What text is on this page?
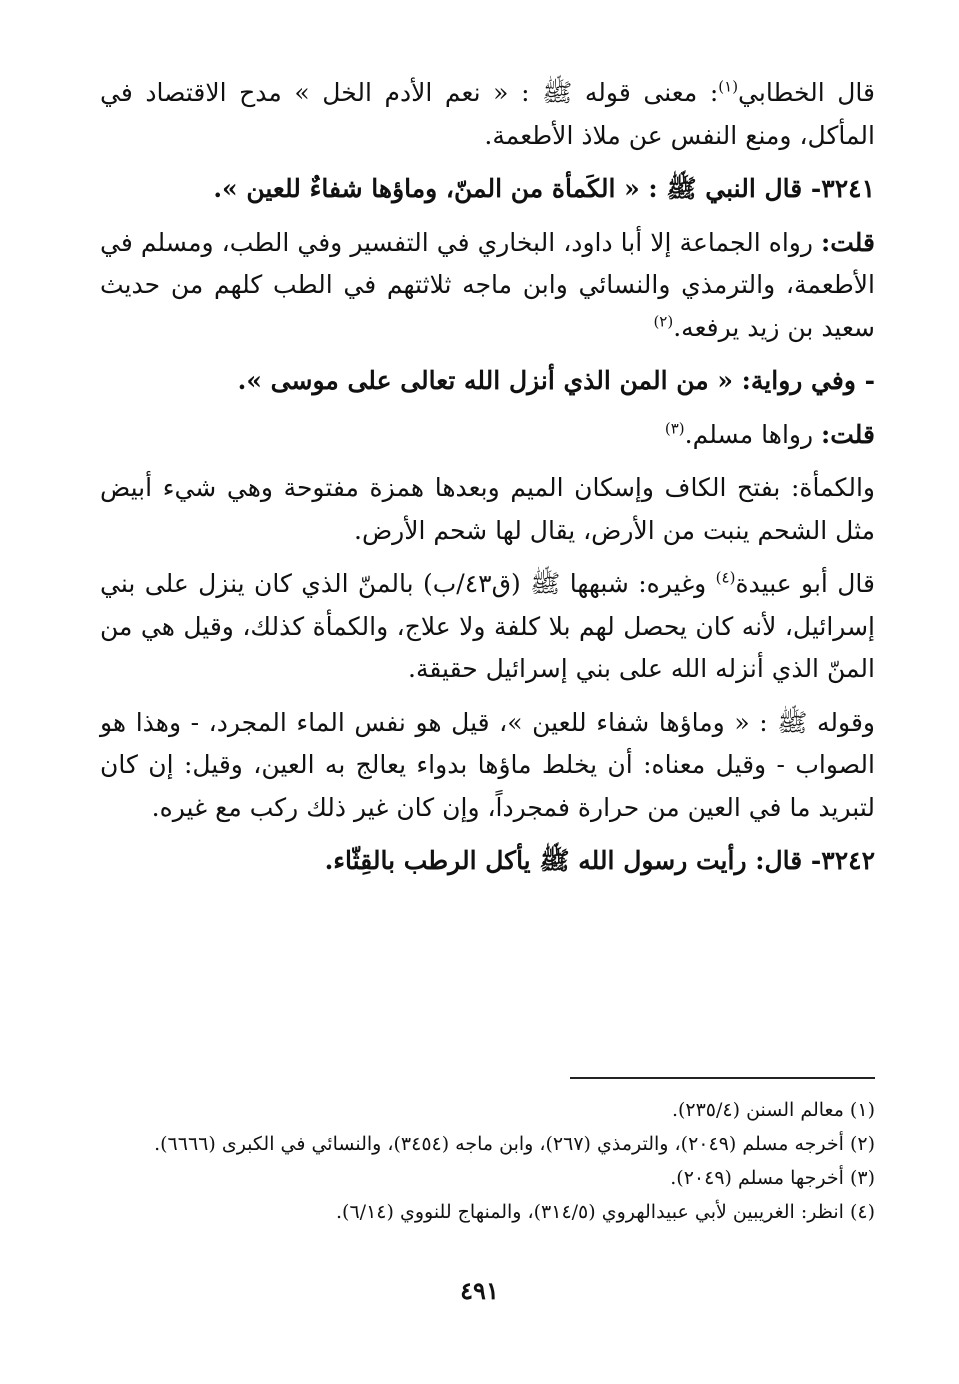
قال الخطابي$^{(١)}$: معنى قوله ﷺ : « نعم الأدم الخل » مدح الاقتصاد في المأكل، ومنع النفس عن ملاذ الأطعمة.

٣٢٤١- قال النبي ﷺ : « الكَمأة من المنّ، وماؤها شفاءٌ للعين ».

قلت: رواه الجماعة إلا أبا داود، البخاري في التفسير وفي الطب، ومسلم في الأطعمة، والترمذي والنسائي وابن ماجه ثلاثتهم في الطب كلهم من حديث سعيد بن زيد يرفعه.$^{(٢)}$

- وفي رواية: « من المن الذي أنزل الله تعالى على موسى ».

قلت: رواها مسلم.$^{(٣)}$

والكمأة: بفتح الكاف وإسكان الميم وبعدها همزة مفتوحة وهي شيء أبيض مثل الشحم ينبت من الأرض، يقال لها شحم الأرض.

قال أبو عبيدة$^{(٤)}$ وغيره: شبهها ﷺ (ق٤٣/ب) بالمنّ الذي كان ينزل على بني إسرائيل، لأنه كان يحصل لهم بلا كلفة ولا علاج، والكمأة كذلك، وقيل هي من المنّ الذي أنزله الله على بني إسرائيل حقيقة.

وقوله ﷺ : « وماؤها شفاء للعين »، قيل هو نفس الماء المجرد، - وهذا هو الصواب - وقيل معناه: أن يخلط ماؤها بدواء يعالج به العين، وقيل: إن كان لتبريد ما في العين من حرارة فمجرداً، وإن كان غير ذلك ركب مع غيره.

٣٢٤٢- قال: رأيت رسول الله ﷺ يأكل الرطب بالقِثّاء.

(١) معالم السنن (٢٣٥/٤).

(٢) أخرجه مسلم (٢٠٤٩)، والترمذي (٢٦٧)، وابن ماجه (٣٤٥٤)، والنسائي في الكبرى (٦٦٦٦).

(٣) أخرجها مسلم (٢٠٤٩).

(٤) انظر: الغريبين لأبي عبيدالهروي (٣١٤/٥)، والمنهاج للنووي (٦/١٤).

٤٩١
